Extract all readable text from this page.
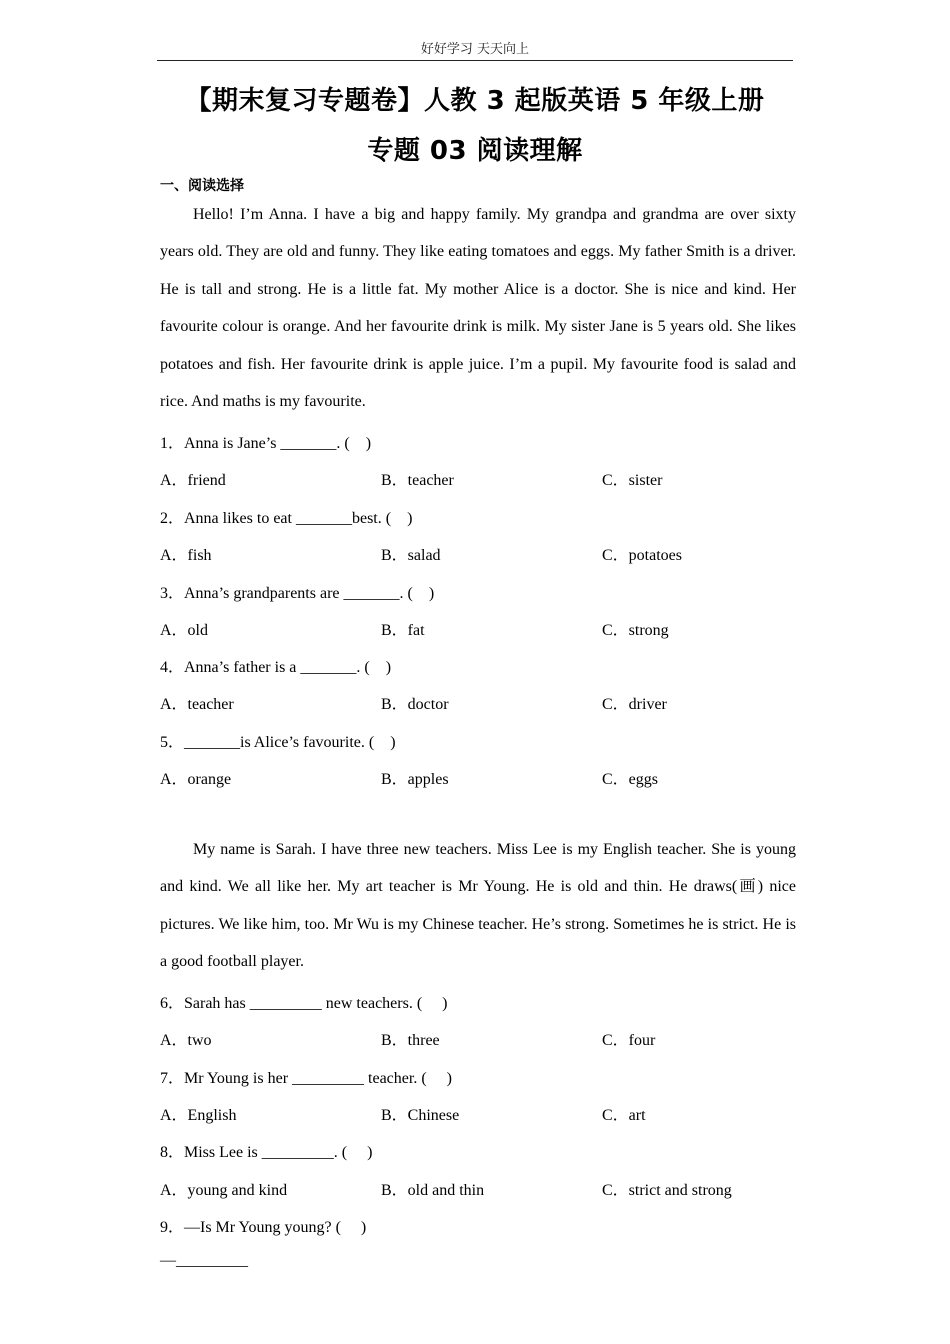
好好学习 天天向上
【期末复习专题卷】人教 3 起版英语 5 年级上册
专题 03 阅读理解
一、阅读选择
Hello! I’m Anna. I have a big and happy family. My grandpa and grandma are over sixty years old. They are old and funny. They like eating tomatoes and eggs. My father Smith is a driver. He is tall and strong. He is a little fat. My mother Alice is a doctor. She is nice and kind. Her favourite colour is orange. And her favourite drink is milk. My sister Jane is 5 years old. She likes potatoes and fish. Her favourite drink is apple juice. I’m a pupil. My favourite food is salad and rice. And maths is my favourite.
1．Anna is Jane’s _______. (    )
A．friend	B．teacher	C．sister
2．Anna likes to eat _______best. (    )
A．fish	B．salad	C．potatoes
3．Anna’s grandparents are _______. (    )
A．old	B．fat	C．strong
4．Anna’s father is a _______. (    )
A．teacher	B．doctor	C．driver
5．_______is Alice’s favourite. (    )
A．orange	B．apples	C．eggs
My name is Sarah. I have three new teachers. Miss Lee is my English teacher. She is young and kind. We all like her. My art teacher is Mr Young. He is old and thin. He draws(画) nice pictures. We like him, too. Mr Wu is my Chinese teacher. He’s strong. Sometimes he is strict. He is a good football player.
6．Sarah has _________ new teachers. (     )
A．two	B．three	C．four
7．Mr Young is her _________ teacher. (     )
A．English	B．Chinese	C．art
8．Miss Lee is _________. (     )
A．young and kind	B．old and thin	C．strict and strong
9．—Is Mr Young young? (     )
—_________
